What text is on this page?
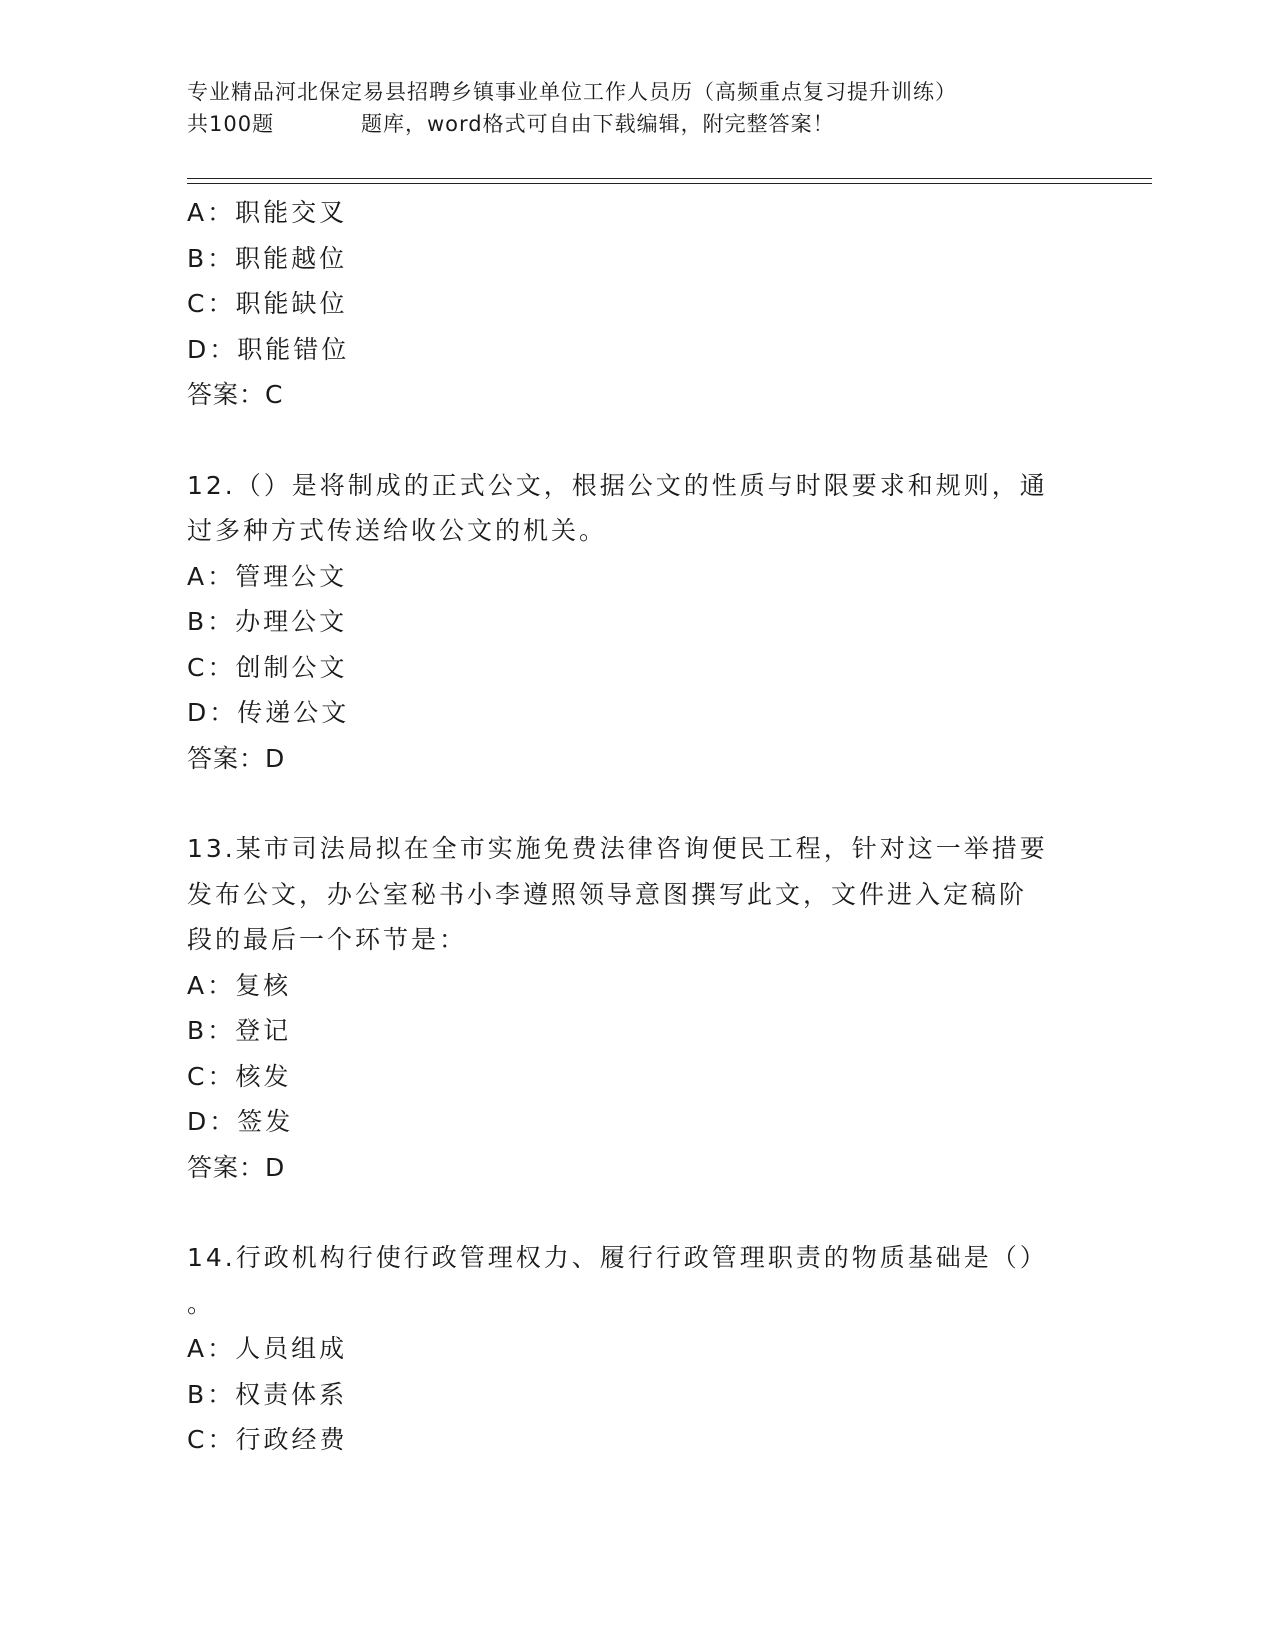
专业精品河北保定易县招聘乡镇事业单位工作人员历（高频重点复习提升训练）
共100题	题库，word格式可自由下载编辑，附完整答案！
A：职能交叉
B：职能越位
C：职能缺位
D：职能错位
答案：C
12.（）是将制成的正式公文，根据公文的性质与时限要求和规则，通
过多种方式传送给收公文的机关。
A：管理公文
B：办理公文
C：创制公文
D：传递公文
答案：D
13.某市司法局拟在全市实施免费法律咨询便民工程，针对这一举措要
发布公文，办公室秘书小李遵照领导意图撰写此文，文件进入定稿阶
段的最后一个环节是：
A：复核
B：登记
C：核发
D：签发
答案：D
14.行政机构行使行政管理权力、履行行政管理职责的物质基础是（）
。
A：人员组成
B：权责体系
C：行政经费
